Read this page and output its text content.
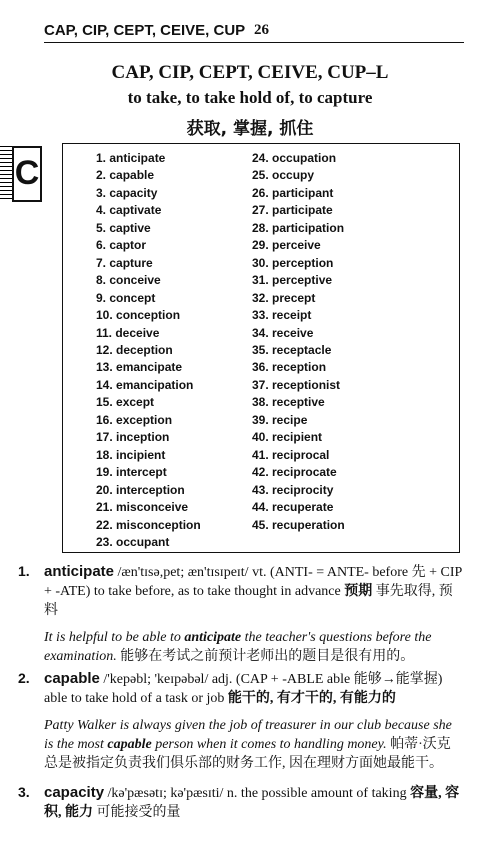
CAP, CIP, CEPT, CEIVE, CUP 26
CAP, CIP, CEPT, CEIVE, CUP–L
to take, to take hold of, to capture
获取, 掌握, 抓住
C	1. anticipate
2. capable
3. capacity
4. captivate
5. captive
6. captor
7. capture
8. conceive
9. concept
10. conception
11. deceive
12. deception
13. emancipate
14. emancipation
15. except
16. exception
17. inception
18. incipient
19. intercept
20. interception
21. misconceive
22. misconception
23. occupant
24. occupation
25. occupy
26. participant
27. participate
28. participation
29. perceive
30. perception
31. perceptive
32. precept
33. receipt
34. receive
35. receptacle
36. reception
37. receptionist
38. receptive
39. recipe
40. recipient
41. reciprocal
42. reciprocate
43. reciprocity
44. recuperate
45. recuperation
1. anticipate /æn'tɪsə,pet; æn'tɪsɪpeɪt/ vt. (ANTI- = ANTE- before 先 + CIP + -ATE) to take before, as to take thought in advance 预期 事先取得, 预料
It is helpful to be able to anticipate the teacher's questions before the examination. 能够在考试之前预计老师出的题目是很有用的。
2. capable /'kepəbl; 'keɪpəbəl/ adj. (CAP + -ABLE able 能够→能掌握) able to take hold of a task or job 能干的, 有才干的, 有能力的
Patty Walker is always given the job of treasurer in our club because she is the most capable person when it comes to handling money. 帕蒂·沃克总是被指定负责我们俱乐部的财务工作, 因在理财方面她最能干。
3. capacity /kə'pæsətɪ; kə'pæsɪti/ n. the possible amount of taking 容量, 容积, 能力 可能接受的量
